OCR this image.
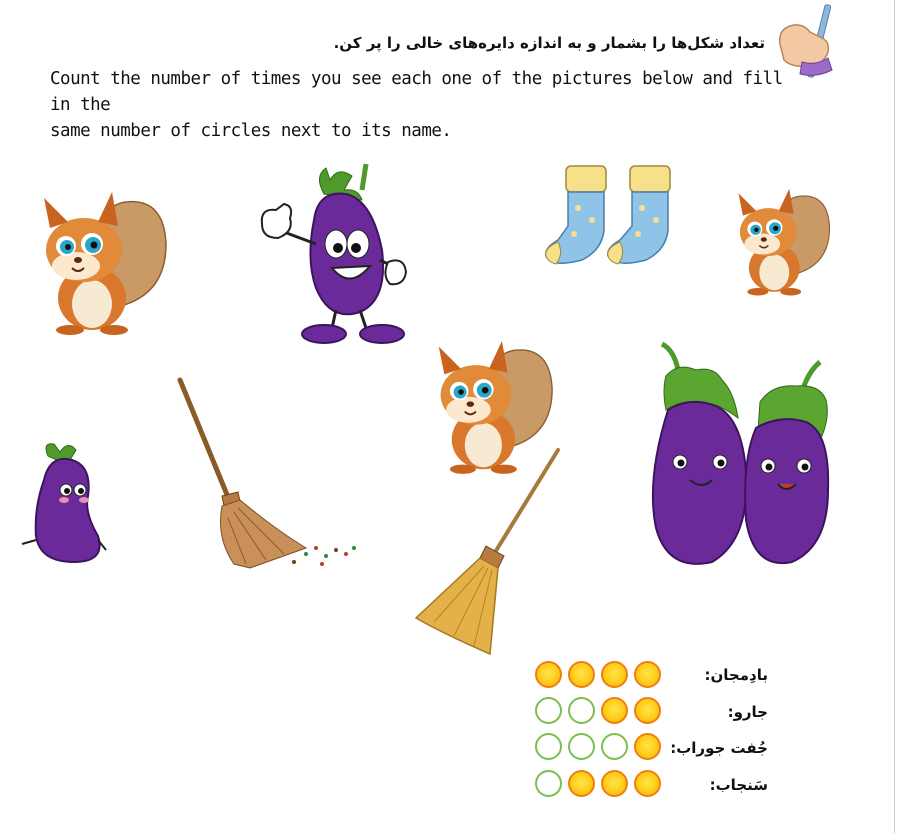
تعداد شکل‌ها را بشمار و به اندازه دایره‌های خالی را پر کن.
Count the number of times you see each one of the pictures below and fill in the
same number of circles next to its name.
بادِمجان:
جارو:
جُفت جوراب:
سَنجاب:
